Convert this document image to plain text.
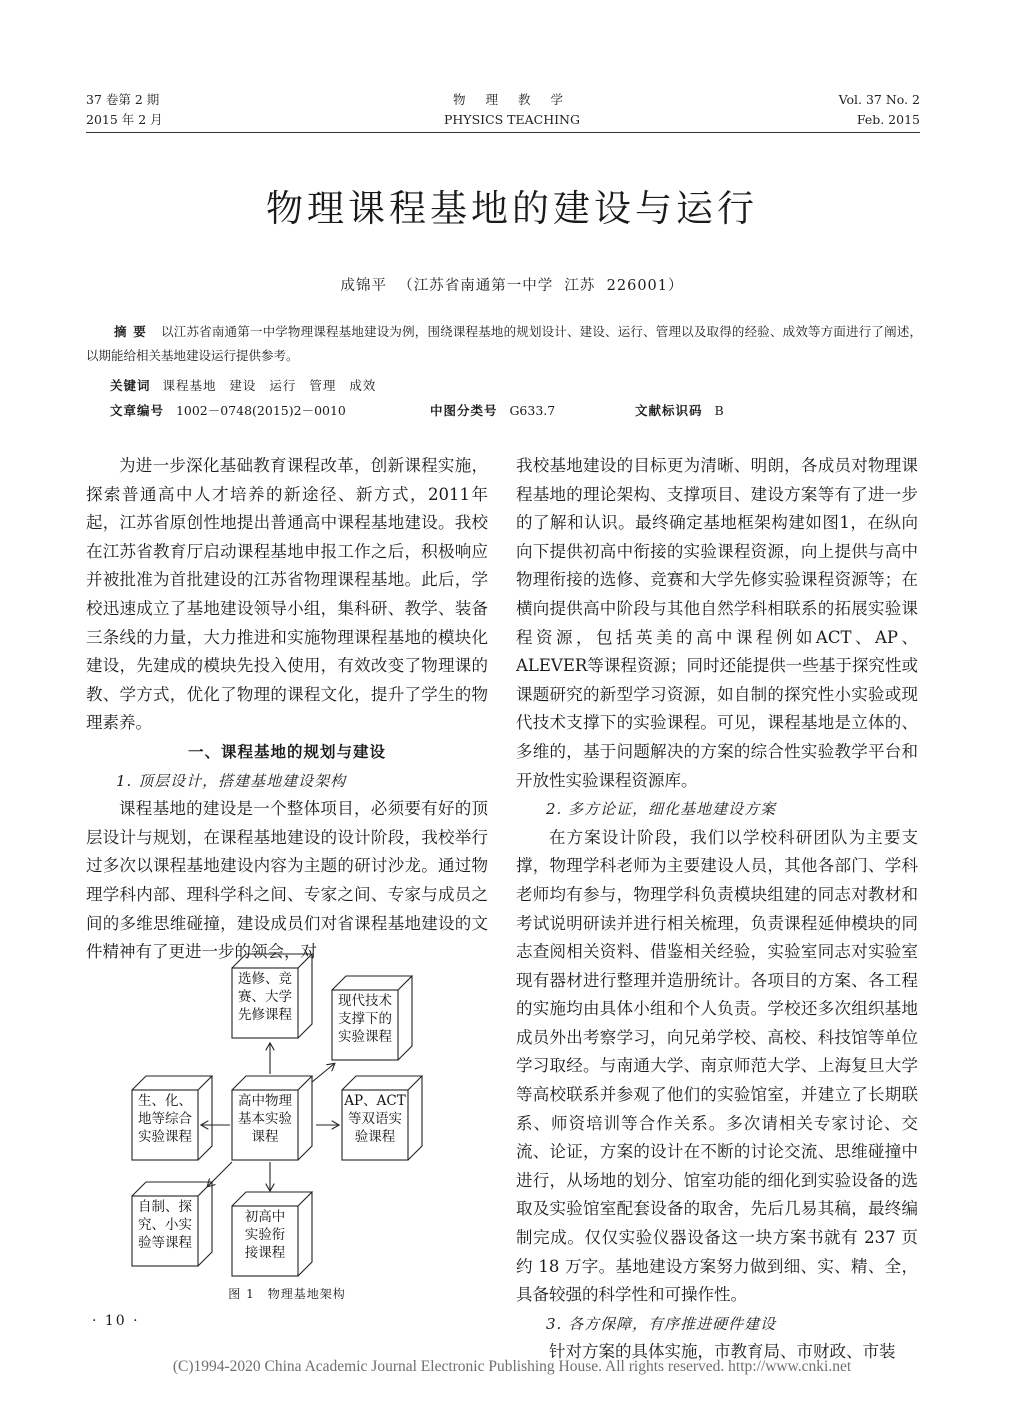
37 卷第 2 期
2015 年 2 月
物 理 教 学
PHYSICS TEACHING
Vol. 37 No. 2
Feb. 2015
物理课程基地的建设与运行
成锦平  （江苏省南通第一中学  江苏  226001）
摘 要 以江苏省南通第一中学物理课程基地建设为例，围绕课程基地的规划设计、建设、运行、管理以及取得的经验、成效等方面进行了阐述，以期能给相关基地建设运行提供参考。
关键词 课程基地 建设 运行 管理 成效
文章编号 1002－0748(2015)2－0010	中图分类号 G633.7	文献标识码 B

为进一步深化基础教育课程改革，创新课程实施，探索普通高中人才培养的新途径、新方式，2011年起，江苏省原创性地提出普通高中课程基地建设。我校在江苏省教育厅启动课程基地申报工作之后，积极响应并被批准为首批建设的江苏省物理课程基地。此后，学校迅速成立了基地建设领导小组，集科研、教学、装备三条线的力量，大力推进和实施物理课程基地的模块化建设，先建成的模块先投入使用，有效改变了物理课的教、学方式，优化了物理的课程文化，提升了学生的物理素养。

一、课程基地的规划与建设
1. 顶层设计，搭建基地建设架构

课程基地的建设是一个整体项目，必须要有好的顶层设计与规划，在课程基地建设的设计阶段，我校举行过多次以课程基地建设内容为主题的研讨沙龙。通过物理学科内部、理科学科之间、专家之间、专家与成员之间的多维思维碰撞，建设成员们对省课程基地建设的文件精神有了更进一步的领会，对

高中物理
基本实验
课程
选修、竞
赛、大学
先修课程
现代技术
支撑下的
实验课程
生、化、
地等综合
实验课程
AP、ACT
等双语实
验课程
自制、探
究、小实
验等课程
初高中
实验衔
接课程
图 1　物理基地架构

我校基地建设的目标更为清晰、明朗，各成员对物理课程基地的理论架构、支撑项目、建设方案等有了进一步的了解和认识。最终确定基地框架构建如图1，在纵向向下提供初高中衔接的实验课程资源，向上提供与高中物理衔接的选修、竞赛和大学先修实验课程资源等；在横向提供高中阶段与其他自然学科相联系的拓展实验课程资源，包括英美的高中课程例如ACT、AP、ALEVER等课程资源；同时还能提供一些基于探究性或课题研究的新型学习资源，如自制的探究性小实验或现代技术支撑下的实验课程。可见，课程基地是立体的、多维的，基于问题解决的方案的综合性实验教学平台和开放性实验课程资源库。

2. 多方论证，细化基地建设方案

在方案设计阶段，我们以学校科研团队为主要支撑，物理学科老师为主要建设人员，其他各部门、学科老师均有参与，物理学科负责模块组建的同志对教材和考试说明研读并进行相关梳理，负责课程延伸模块的同志查阅相关资料、借鉴相关经验，实验室同志对实验室现有器材进行整理并造册统计。各项目的方案、各工程的实施均由具体小组和个人负责。学校还多次组织基地成员外出考察学习，向兄弟学校、高校、科技馆等单位学习取经。与南通大学、南京师范大学、上海复旦大学等高校联系并参观了他们的实验馆室，并建立了长期联系、师资培训等合作关系。多次请相关专家讨论、交流、论证，方案的设计在不断的讨论交流、思维碰撞中进行，从场地的划分、馆室功能的细化到实验设备的选取及实验馆室配套设备的取舍，先后几易其稿，最终编制完成。仅仅实验仪器设备这一块方案书就有 237 页约 18 万字。基地建设方案努力做到细、实、精、全，具备较强的科学性和可操作性。

3. 各方保障，有序推进硬件建设

针对方案的具体实施，市教育局、市财政、市装

· 10 ·
(C)1994-2020 China Academic Journal Electronic Publishing House. All rights reserved. http://www.cnki.net
